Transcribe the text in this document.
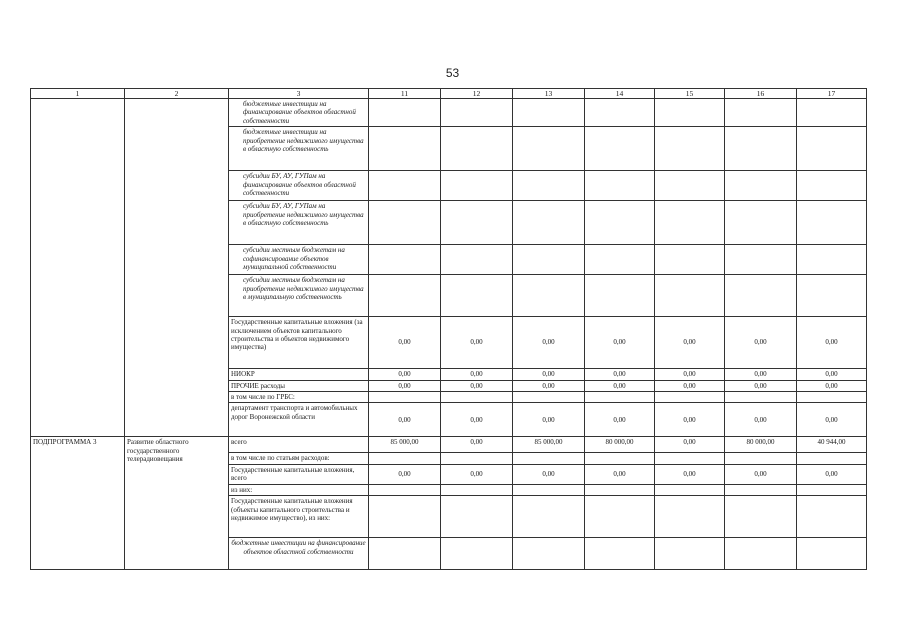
53
1	2	3	11	12	13	14	15	16	17
		бюджетные инвестиции на финансирование объектов областной собственности							
		бюджетные инвестиции на приобретение недвижимого имущества в областную собственность							
		субсидии БУ, АУ, ГУПам на финансирование объектов областной собственности							
		субсидии БУ, АУ, ГУПам на приобретение недвижимого имущества в областную собственность							
		субсидии местным бюджетам на софинансирование объектов муниципальной собственности							
		субсидии местным бюджетам на приобретение недвижимого имущества в муниципальную собственность							
		Государственные капитальные вложения (за исключением объектов капитального строительства и объектов недвижимого имущества)	0,00	0,00	0,00	0,00	0,00	0,00	0,00
		НИОКР	0,00	0,00	0,00	0,00	0,00	0,00	0,00
		ПРОЧИЕ расходы	0,00	0,00	0,00	0,00	0,00	0,00	0,00
		в том числе по ГРБС:							
		департамент транспорта и автомобильных дорог Воронежской области	0,00	0,00	0,00	0,00	0,00	0,00	0,00
ПОДПРОГРАММА 3	Развитие областного государственного телерадиовещания	всего	85 000,00	0,00	85 000,00	80 000,00	0,00	80 000,00	40 944,00
		в том числе по статьям расходов:							
		Государственные капитальные вложения, всего	0,00	0,00	0,00	0,00	0,00	0,00	0,00
		из них:							
		Государственные капитальные вложения (объекты капитального строительства и недвижимое имущество), из них:							
		бюджетные инвестиции на финансирование объектов областной собственности							
